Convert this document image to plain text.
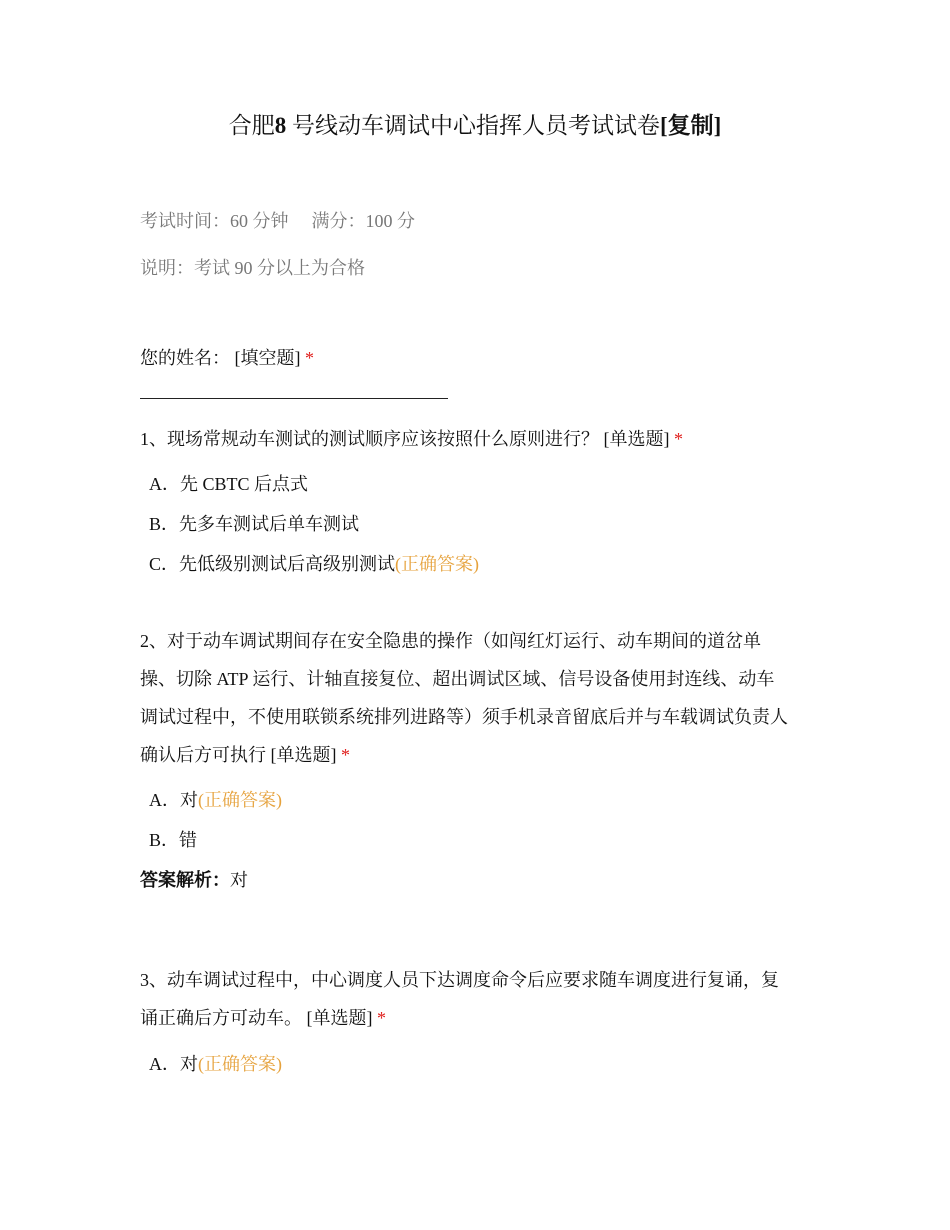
合肥8 号线动车调试中心指挥人员考试试卷[复制]
考试时间：60 分钟 满分：100 分
说明：考试 90 分以上为合格
您的姓名： [填空题] *
1、现场常规动车测试的测试顺序应该按照什么原则进行？ [单选题] *
A．先 CBTC 后点式
B．先多车测试后单车测试
C．先低级别测试后高级别测试(正确答案)
2、对于动车调试期间存在安全隐患的操作（如闯红灯运行、动车期间的道岔单
操、切除 ATP 运行、计轴直接复位、超出调试区域、信号设备使用封连线、动车
调试过程中，不使用联锁系统排列进路等）须手机录音留底后并与车载调试负责人
确认后方可执行 [单选题] *
A．对(正确答案)
B．错
答案解析：对
3、动车调试过程中，中心调度人员下达调度命令后应要求随车调度进行复诵，复
诵正确后方可动车。 [单选题] *
A．对(正确答案)
